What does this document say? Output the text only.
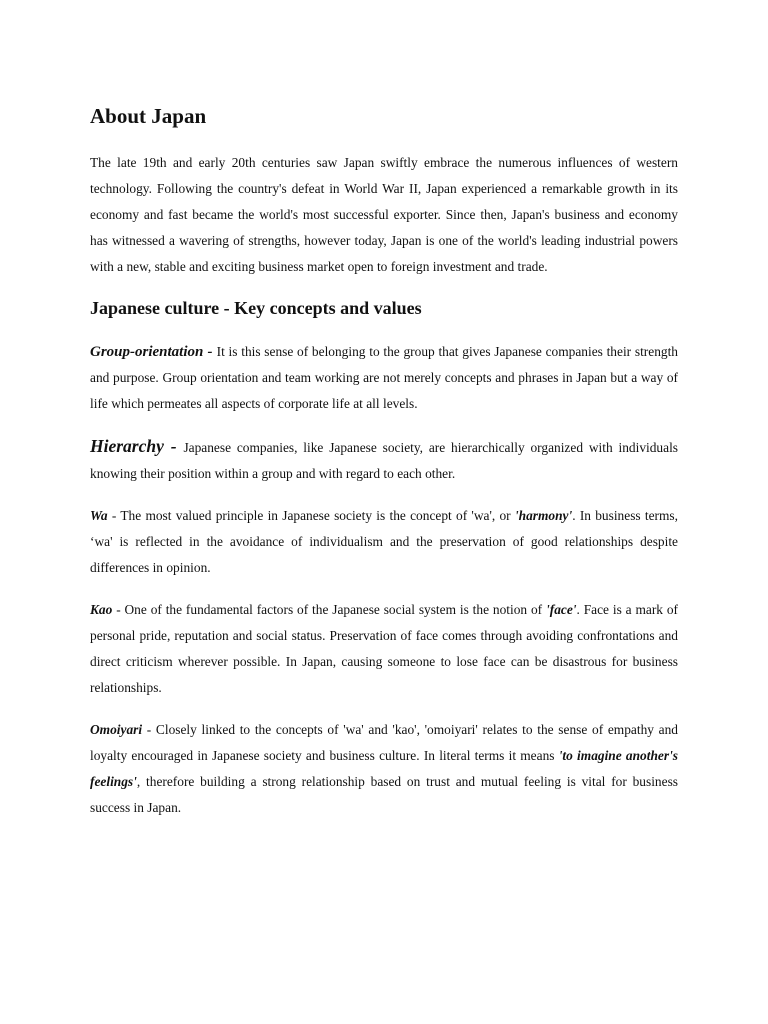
About Japan

The late 19th and early 20th centuries saw Japan swiftly embrace the numerous influences of western technology. Following the country's defeat in World War II, Japan experienced a remarkable growth in its economy and fast became the world's most successful exporter. Since then, Japan's business and economy has witnessed a wavering of strengths, however today, Japan is one of the world's leading industrial powers with a new, stable and exciting business market open to foreign investment and trade.

Japanese culture - Key concepts and values

Group-orientation - It is this sense of belonging to the group that gives Japanese companies their strength and purpose. Group orientation and team working are not merely concepts and phrases in Japan but a way of life which permeates all aspects of corporate life at all levels.

Hierarchy - Japanese companies, like Japanese society, are hierarchically organized with individuals knowing their position within a group and with regard to each other.

Wa - The most valued principle in Japanese society is the concept of 'wa', or 'harmony'. In business terms, ‘wa' is reflected in the avoidance of individualism and the preservation of good relationships despite differences in opinion.

Kao - One of the fundamental factors of the Japanese social system is the notion of 'face'. Face is a mark of personal pride, reputation and social status. Preservation of face comes through avoiding confrontations and direct criticism wherever possible. In Japan, causing someone to lose face can be disastrous for business relationships.

Omoiyari - Closely linked to the concepts of 'wa' and 'kao', 'omoiyari' relates to the sense of empathy and loyalty encouraged in Japanese society and business culture. In literal terms it means 'to imagine another's feelings', therefore building a strong relationship based on trust and mutual feeling is vital for business success in Japan.
